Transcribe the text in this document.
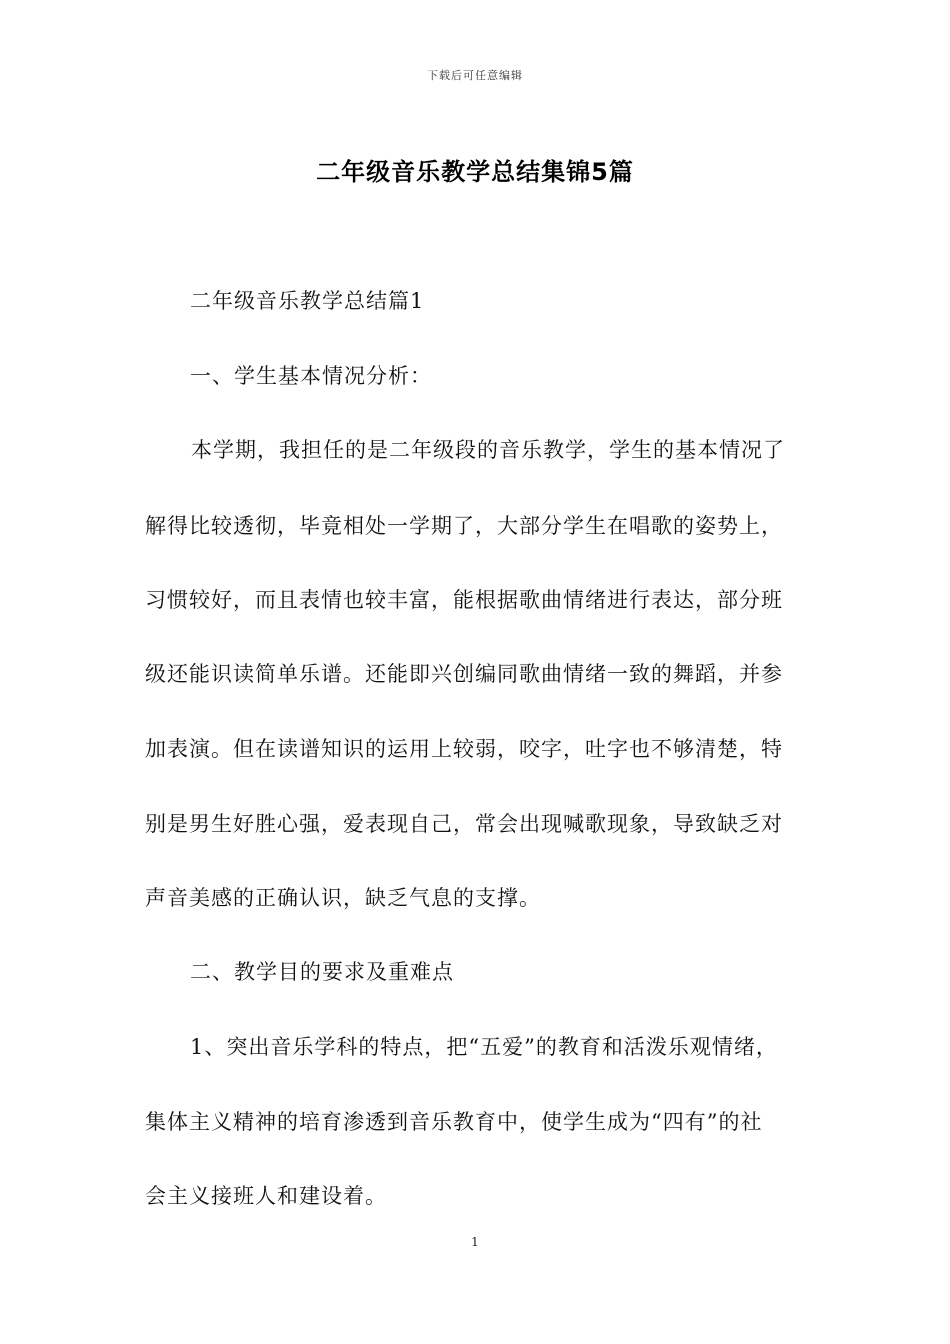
下载后可任意编辑
二年级音乐教学总结集锦5篇
二年级音乐教学总结篇1
一、学生基本情况分析：
本学期，我担任的是二年级段的音乐教学，学生的基本情况了
解得比较透彻，毕竟相处一学期了，大部分学生在唱歌的姿势上，
习惯较好，而且表情也较丰富，能根据歌曲情绪进行表达，部分班
级还能识读简单乐谱。还能即兴创编同歌曲情绪一致的舞蹈，并参
加表演。但在读谱知识的运用上较弱，咬字，吐字也不够清楚，特
别是男生好胜心强，爱表现自己，常会出现喊歌现象，导致缺乏对
声音美感的正确认识，缺乏气息的支撑。
二、教学目的要求及重难点
1、突出音乐学科的特点，把“五爱”的教育和活泼乐观情绪，
集体主义精神的培育渗透到音乐教育中，使学生成为“四有”的社
会主义接班人和建设着。
1
